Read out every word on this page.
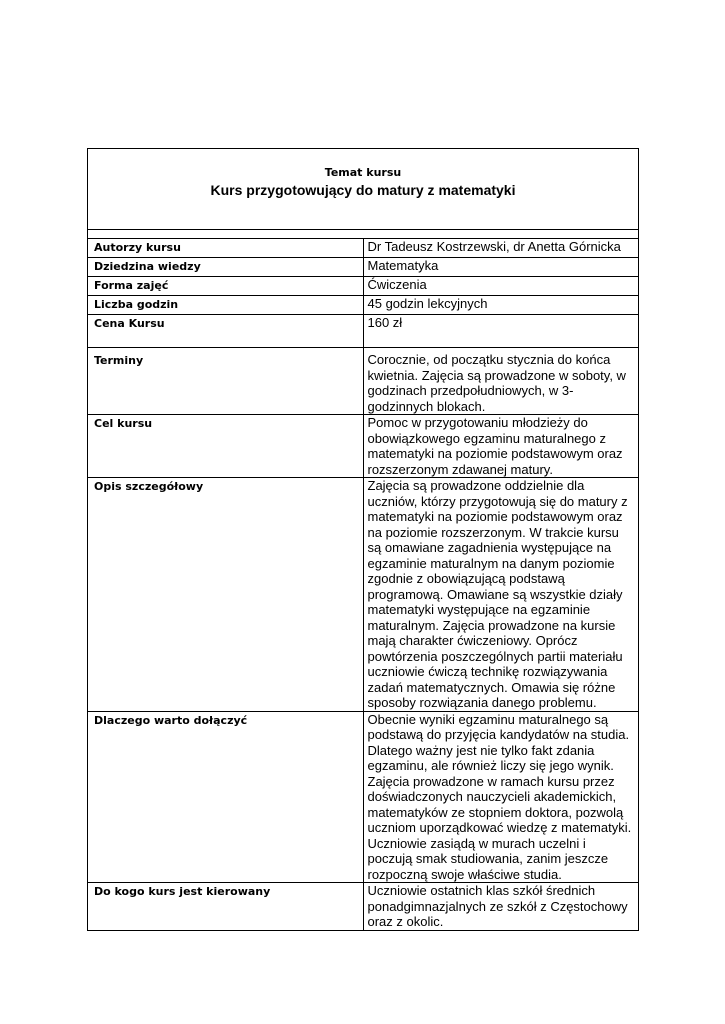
Temat kursu
Kurs przygotowujący do matury z matematyki	

Autorzy kursu	Dr Tadeusz Kostrzewski, dr Anetta Górnicka
Dziedzina wiedzy	Matematyka
Forma zajęć	Ćwiczenia
Liczba godzin	45 godzin lekcyjnych
Cena Kursu	160 zł
Terminy	Corocznie, od początku stycznia do końca kwietnia. Zajęcia są prowadzone w soboty, w godzinach przedpołudniowych, w 3-godzinnych blokach.
Cel kursu	Pomoc w przygotowaniu młodzieży do obowiązkowego egzaminu maturalnego z matematyki na poziomie podstawowym oraz rozszerzonym zdawanej matury.
Opis szczegółowy	Zajęcia są prowadzone oddzielnie dla uczniów, którzy przygotowują się do matury z matematyki na poziomie podstawowym oraz na poziomie rozszerzonym. W trakcie kursu są omawiane zagadnienia występujące na egzaminie maturalnym na danym poziomie zgodnie z obowiązującą podstawą programową. Omawiane są wszystkie działy matematyki występujące na egzaminie maturalnym. Zajęcia prowadzone na kursie mają charakter ćwiczeniowy. Oprócz powtórzenia poszczególnych partii materiału uczniowie ćwiczą technikę rozwiązywania zadań matematycznych. Omawia się różne sposoby rozwiązania danego problemu.
Dlaczego warto dołączyć	Obecnie wyniki egzaminu maturalnego są podstawą do przyjęcia kandydatów na studia. Dlatego ważny jest nie tylko fakt zdania egzaminu, ale również liczy się jego wynik. Zajęcia prowadzone w ramach kursu przez doświadczonych nauczycieli akademickich, matematyków ze stopniem doktora, pozwolą uczniom uporządkować wiedzę z matematyki. Uczniowie zasiądą w murach uczelni i poczują smak studiowania, zanim jeszcze rozpoczną swoje właściwe studia.
Do kogo kurs jest kierowany	Uczniowie ostatnich klas szkół średnich ponadgimnazjalnych ze szkół z Częstochowy oraz z okolic.
